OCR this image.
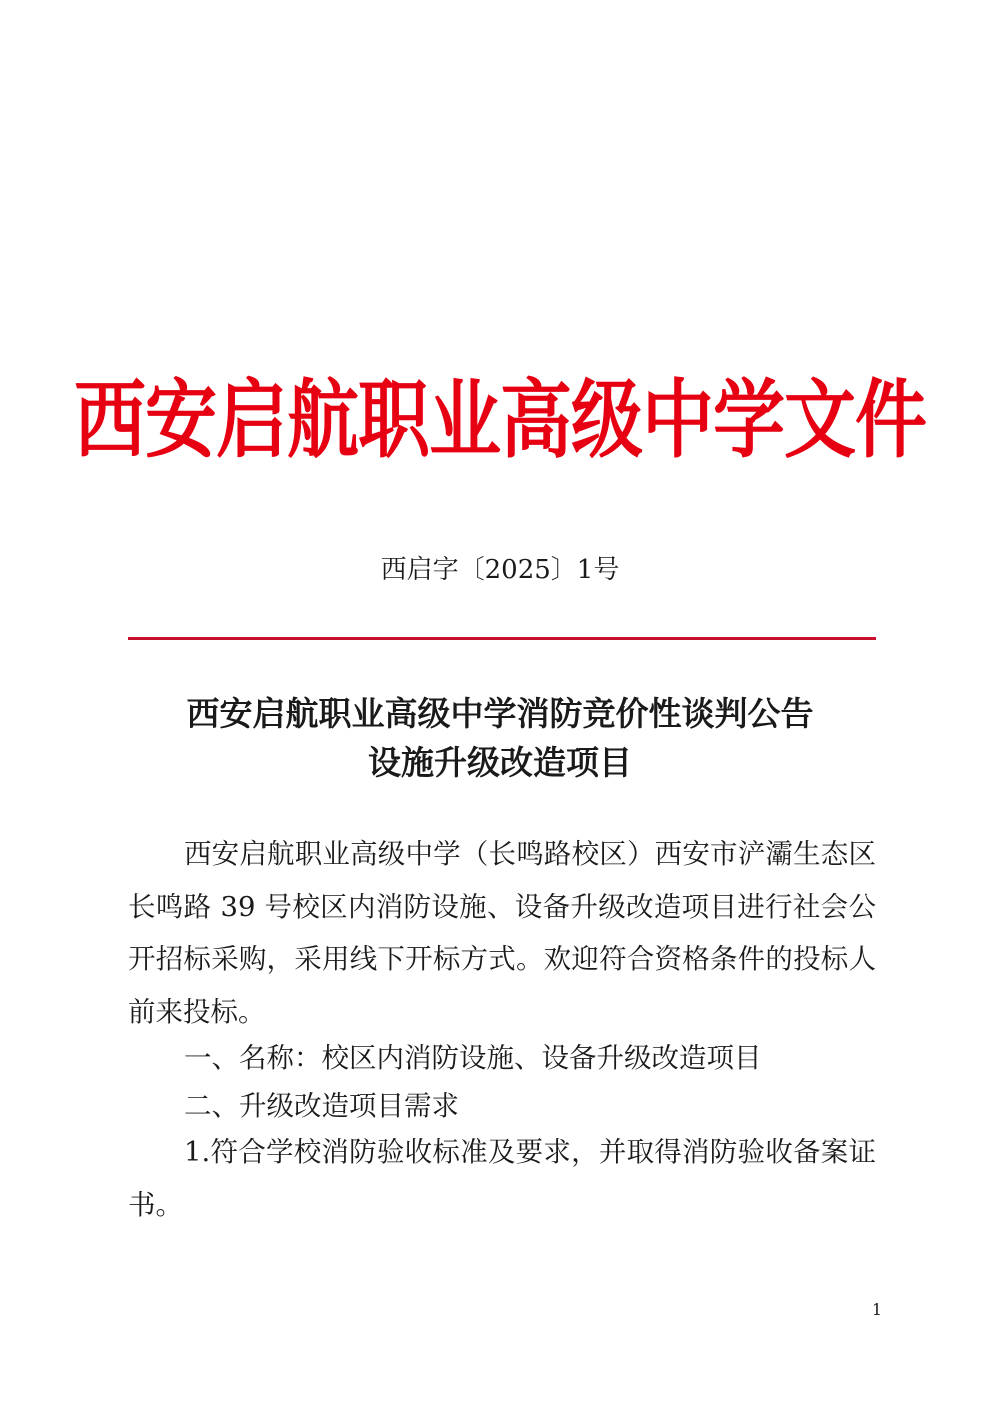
西安启航职业高级中学文件
西启字〔2025〕1号
西安启航职业高级中学消防竞价性谈判公告
设施升级改造项目
西安启航职业高级中学（长鸣路校区）西安市浐灞生态区长鸣路 39 号校区内消防设施、设备升级改造项目进行社会公开招标采购，采用线下开标方式。欢迎符合资格条件的投标人前来投标。
一、名称：校区内消防设施、设备升级改造项目
二、升级改造项目需求
1.符合学校消防验收标准及要求，并取得消防验收备案证书。
1
